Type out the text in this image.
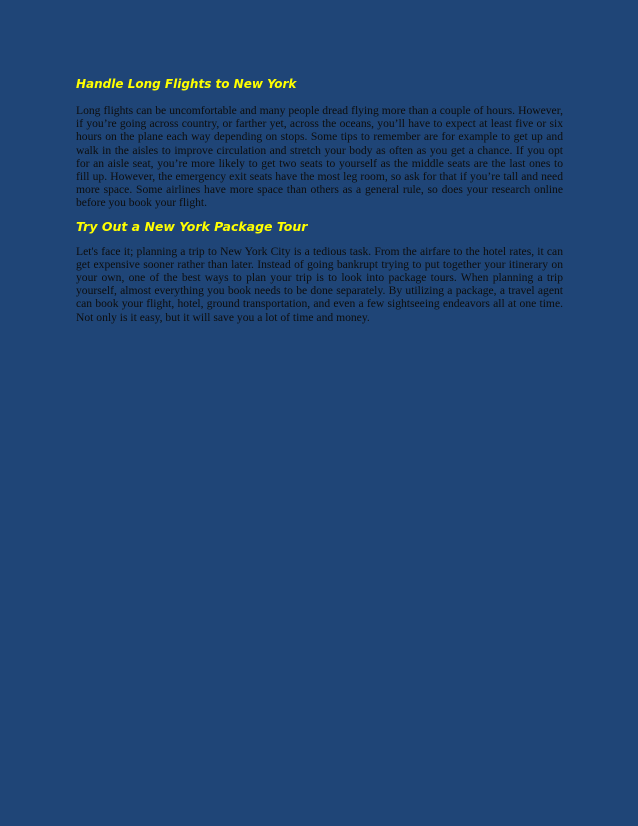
Handle Long Flights to New York

Long flights can be uncomfortable and many people dread flying more than a couple of hours. However, if you’re going across country, or farther yet, across the oceans, you’ll have to expect at least five or six hours on the plane each way depending on stops. Some tips to remember are for example to get up and walk in the aisles to improve circulation and stretch your body as often as you get a chance. If you opt for an aisle seat, you’re more likely to get two seats to yourself as the middle seats are the last ones to fill up. However, the emergency exit seats have the most leg room, so ask for that if you’re tall and need more space. Some airlines have more space than others as a general rule, so does your research online before you book your flight.

Try Out a New York Package Tour

Let's face it; planning a trip to New York City is a tedious task. From the airfare to the hotel rates, it can get expensive sooner rather than later. Instead of going bankrupt trying to put together your itinerary on your own, one of the best ways to plan your trip is to look into package tours. When planning a trip yourself, almost everything you book needs to be done separately. By utilizing a package, a travel agent can book your flight, hotel, ground transportation, and even a few sightseeing endeavors all at one time. Not only is it easy, but it will save you a lot of time and money.
